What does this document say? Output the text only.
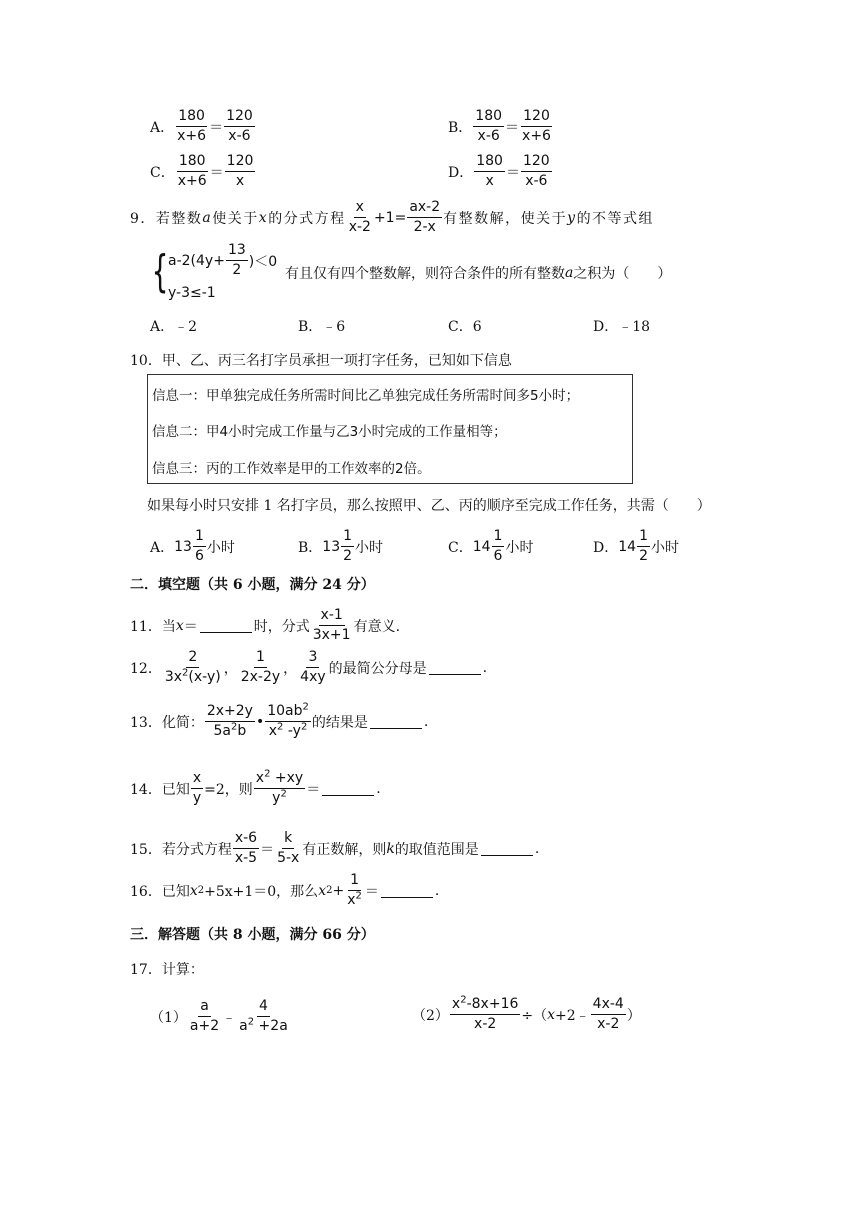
A． $\frac{180}{x+6} = \frac{120}{x-6}$	B． $\frac{180}{x-6} = \frac{120}{x+6}$
C． $\frac{180}{x+6} = \frac{120}{x}$	D． $\frac{180}{x} = \frac{120}{x-6}$
9．若整数 a 使关于 x 的分式方程 $\frac{x}{x-2} +1= \frac{ax-2}{2-x}$ 有整数解，使关于 y 的不等式组
{ $a-2(4y+ \frac{13}{2} )<0$
y-3≤-1
有且仅有四个整数解，则符合条件的所有整数 a 之积为（　　）
A．﹣2	B．﹣6	C．6	D．﹣18
10．甲、乙、丙三名打字员承担一项打字任务，已知如下信息
信息一：甲单独完成任务所需时间比乙单独完成任务所需时间多5小时；
信息二：甲4小时完成工作量与乙3小时完成的工作量相等；
信息三：丙的工作效率是甲的工作效率的2倍。
如果每小时只安排 1 名打字员，那么按照甲、乙、丙的顺序至完成工作任务，共需（　　）
A． $13 \frac{1}{6}$ 小时	B． $13 \frac{1}{2}$ 小时	C． $14 \frac{1}{6}$ 小时	D． $14 \frac{1}{2}$ 小时
二．填空题（共 6 小题，满分 24 分）
11．当 x ＝	时，分式 $\frac{x-1}{3x+1}$ 有意义.
12． $\frac{2}{3x^2(x-y)}$ ， $\frac{1}{2x-2y}$ ， $\frac{3}{4xy}$ 的最简公分母是	.
13．化简： $\frac{2x+2y}{5a^2b}$ • $\frac{10ab^2}{x^2 -y^2}$ 的结果是	.
14．已知 $\frac{x}{y} =2$，则 $\frac{x^2 +xy}{y^2}$ ＝	.
15．若分式方程 $\frac{x-6}{x-5} = \frac{k}{5-x}$ 有正数解，则 k 的取值范围是	.
16．已知 x 2 +5x+1＝0，那么 x $2 + \frac{1}{x^2}$ ＝	.
三．解答题（共 8 小题，满分 66 分）
17．计算：
$(1) \frac{a}{a+2}$ ﹣ $\frac{4}{a^2 +2a}$	$(2) \frac{x^2-8x+16}{x-2}$ ÷（ x +2﹣ $\frac{4x-4}{x-2}$ ）
